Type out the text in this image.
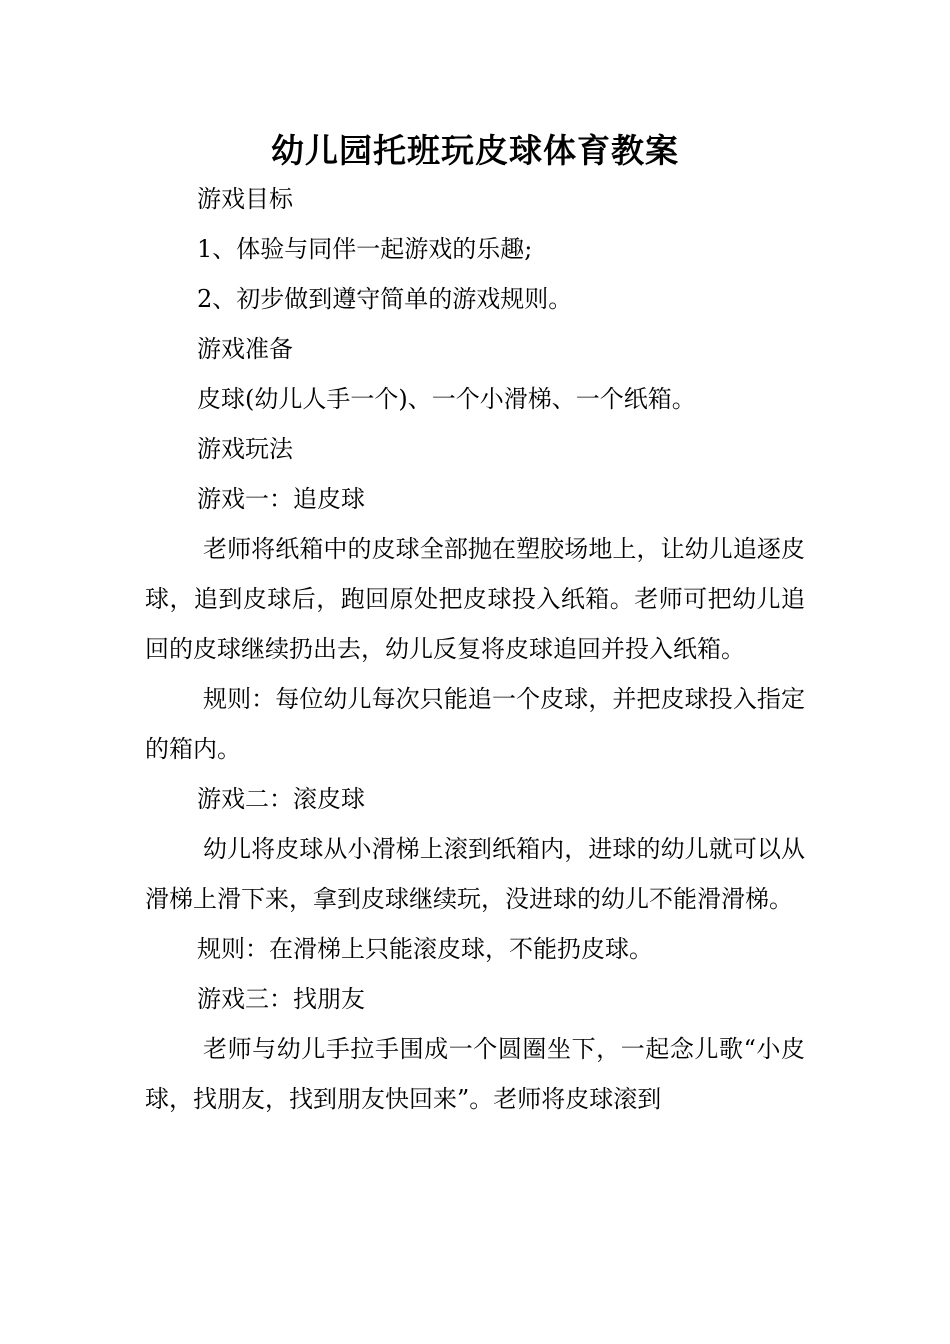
幼儿园托班玩皮球体育教案

游戏目标

1、体验与同伴一起游戏的乐趣;

2、初步做到遵守简单的游戏规则。

游戏准备

皮球(幼儿人手一个)、一个小滑梯、一个纸箱。

游戏玩法

游戏一：追皮球

老师将纸箱中的皮球全部抛在塑胶场地上，让幼儿追逐皮球，追到皮球后，跑回原处把皮球投入纸箱。老师可把幼儿追回的皮球继续扔出去，幼儿反复将皮球追回并投入纸箱。

规则：每位幼儿每次只能追一个皮球，并把皮球投入指定的箱内。

游戏二：滚皮球

幼儿将皮球从小滑梯上滚到纸箱内，进球的幼儿就可以从滑梯上滑下来，拿到皮球继续玩，没进球的幼儿不能滑滑梯。

规则：在滑梯上只能滚皮球，不能扔皮球。

游戏三：找朋友

老师与幼儿手拉手围成一个圆圈坐下，一起念儿歌“小皮球，找朋友，找到朋友快回来”。老师将皮球滚到
